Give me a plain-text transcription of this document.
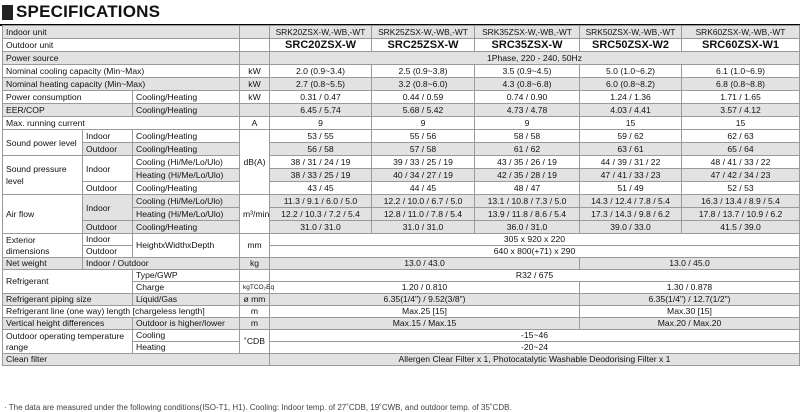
SPECIFICATIONS
Indoor unit				SRK20ZSX-W,-WB,-WT	SRK25ZSX-W,-WB,-WT	SRK35ZSX-W,-WB,-WT	SRK50ZSX-W,-WB,-WT	SRK60ZSX-W,-WB,-WT
Outdoor unit				SRC20ZSX-W	SRC25ZSX-W	SRC35ZSX-W	SRC50ZSX-W2	SRC60ZSX-W1
Power source				1Phase, 220 - 240, 50Hz				
Nominal cooling capacity (Min~Max)			kW	2.0 (0.9~3.4)	2.5 (0.9~3.8)	3.5 (0.9~4.5)	5.0 (1.0~6.2)	6.1 (1.0~6.9)
Nominal heating capacity (Min~Max)			kW	2.7 (0.8~5.5)	3.2 (0.8~6.0)	4.3 (0.8~6.8)	6.0 (0.8~8.2)	6.8 (0.8~8.8)
Power consumption		Cooling/Heating	kW	0.31 / 0.47	0.44 / 0.59	0.74 / 0.90	1.24 / 1.36	1.71 / 1.65
EER/COP		Cooling/Heating		6.45 / 5.74	5.68 / 5.42	4.73 / 4.78	4.03 / 4.41	3.57 / 4.12
Max. running current			A	9	9	9	15	15
Sound power level	Indoor	Cooling/Heating	dB(A)	53 / 55	55 / 56	58 / 58	59 / 62	62 / 63
	Outdoor	Cooling/Heating		56 / 58	57 / 58	61 / 62	63 / 61	65 / 64
Sound pressure level	Indoor	Cooling (Hi/Me/Lo/Ulo)		38 / 31 / 24 / 19	39 / 33 / 25 / 19	43 / 35 / 26 / 19	44 / 39 / 31 / 22	48 / 41 / 33 / 22
		Heating (Hi/Me/Lo/Ulo)		38 / 33 / 25 / 19	40 / 34 / 27 / 19	42 / 35 / 28 / 19	47 / 41 / 33 / 23	47 / 42 / 34 / 23
	Outdoor	Cooling/Heating		43 / 45	44 / 45	48 / 47	51 / 49	52 / 53
Air flow	Indoor	Cooling (Hi/Me/Lo/Ulo)	m³/min	11.3 / 9.1 / 6.0 / 5.0	12.2 / 10.0 / 6.7 / 5.0	13.1 / 10.8 / 7.3 / 5.0	14.3 / 12.4 / 7.8 / 5.4	16.3 / 13.4 / 8.9 / 5.4
		Heating (Hi/Me/Lo/Ulo)		12.2 / 10.3 / 7.2 / 5.4	12.8 / 11.0 / 7.8 / 5.4	13.9 / 11.8 / 8.6 / 5.4	17.3 / 14.3 / 9.8 / 6.2	17.8 / 13.7 / 10.9 / 6.2
	Outdoor	Cooling/Heating		31.0 / 31.0	31.0 / 31.0	36.0 / 31.0	39.0 / 33.0	41.5 / 39.0
Exterior dimensions	Indoor	HeightxWidthxDepth	mm	305 x 920 x 220				
	Outdoor			640 x 800(+71) x 290				
Net weight	Indoor / Outdoor		kg	13.0 / 43.0			13.0 / 45.0	
Refrigerant		Type/GWP		R32 / 675				
		Charge	kgTCO₂Eq	1.20 / 0.810			1.30 / 0.878	
Refrigerant piping size		Liquid/Gas	ø mm	6.35(1/4") / 9.52(3/8")			6.35(1/4") / 12.7(1/2")	
Refrigerant line (one way) length [chargeless length]			m	Max.25 [15]			Max.30 [15]	
Vertical height differences		Outdoor is higher/lower	m	Max.15 / Max.15			Max.20 / Max.20	
Outdoor operating temperature range		Cooling	˚CDB	-15~46				
		Heating		-20~24				
Clean filter				Allergen Clear Filter x 1, Photocatalytic Washable Deodorising Filter x 1				
· The data are measured under the following conditions(ISO-T1, H1). Cooling: Indoor temp. of 27˚CDB, 19˚CWB, and outdoor temp. of 35˚CDB.
